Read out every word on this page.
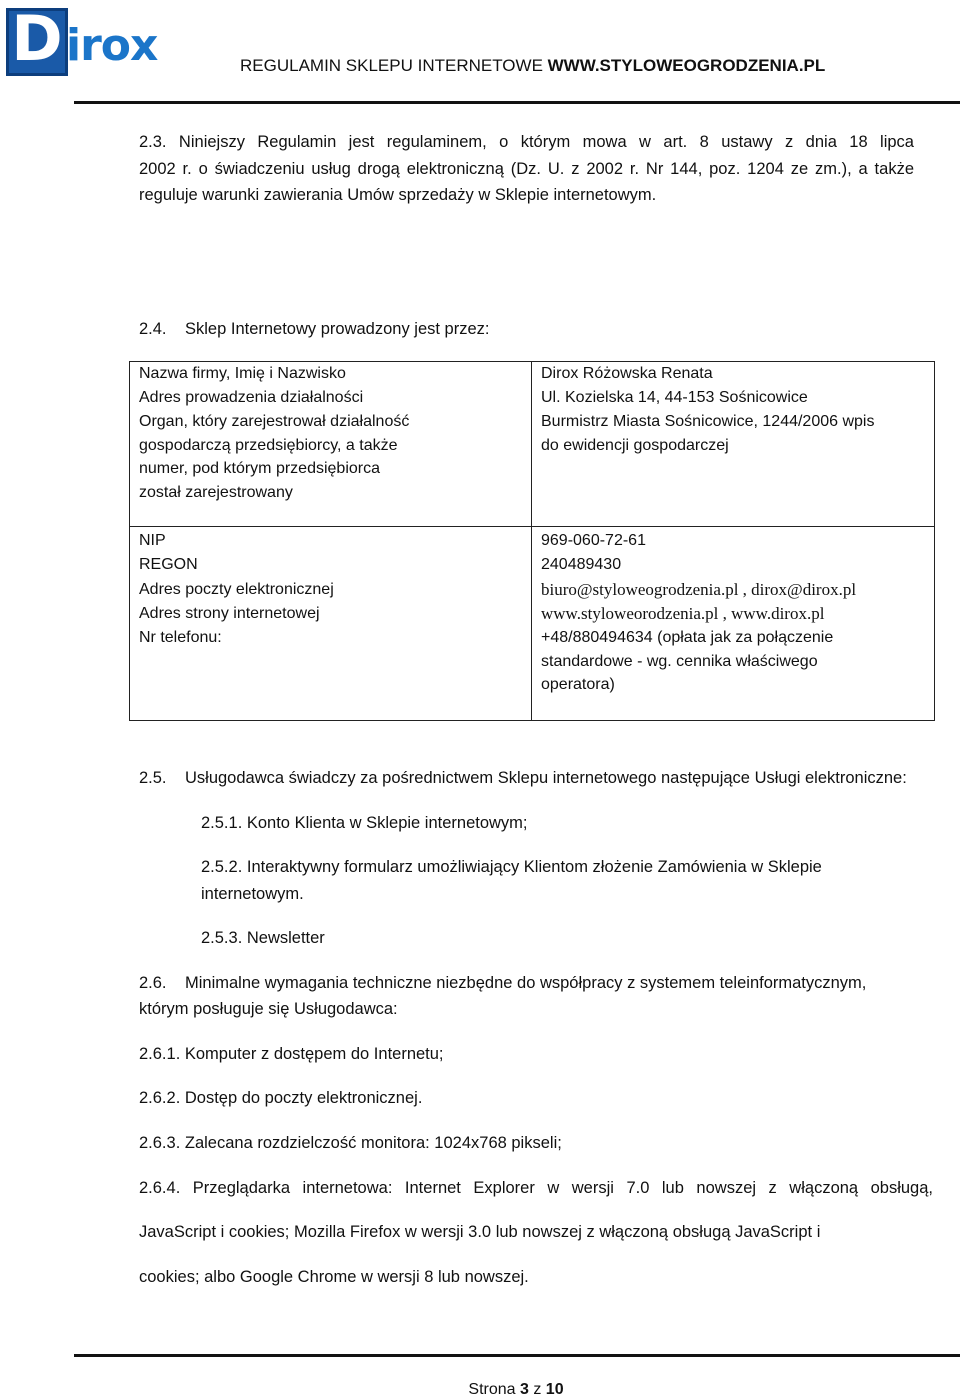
D irox	REGULAMIN SKLEPU INTERNETOWE WWW.STYLOWEOGRODZENIA.PL
2.3. Niniejszy Regulamin jest regulaminem, o którym mowa w art. 8 ustawy z dnia 18 lipca
2002 r. o świadczeniu usług drogą elektroniczną (Dz. U. z 2002 r. Nr 144, poz. 1204 ze zm.), a także
reguluje warunki zawierania Umów sprzedaży w Sklepie internetowym.
2.4. Sklep Internetowy prowadzony jest przez:
Nazwa firmy, Imię i Nazwisko
Adres prowadzenia działalności
Organ, który zarejestrował działalność
gospodarczą przedsiębiorcy, a także
numer, pod którym przedsiębiorca
został zarejestrowany
NIP
REGON
Adres poczty elektronicznej
Adres strony internetowej
Nr telefonu:
Dirox Różowska Renata
Ul. Kozielska 14, 44-153 Sośnicowice
Burmistrz Miasta Sośnicowice, 1244/2006 wpis
do ewidencji gospodarczej
969-060-72-61
240489430
biuro@styloweogrodzenia.pl , dirox@dirox.pl
www.styloweorodzenia.pl , www.dirox.pl
+48/880494634 (opłata jak za połączenie
standardowe - wg. cennika właściwego
operatora)
2.5. Usługodawca świadczy za pośrednictwem Sklepu internetowego następujące Usługi elektroniczne:
2.5.1. Konto Klienta w Sklepie internetowym;
2.5.2. Interaktywny formularz umożliwiający Klientom złożenie Zamówienia w Sklepie
internetowym.
2.5.3. Newsletter
2.6. Minimalne wymagania techniczne niezbędne do współpracy z systemem teleinformatycznym,
którym posługuje się Usługodawca:
2.6.1. Komputer z dostępem do Internetu;
2.6.2. Dostęp do poczty elektronicznej.
2.6.3. Zalecana rozdzielczość monitora: 1024x768 pikseli;
2.6.4. Przeglądarka internetowa: Internet Explorer w wersji 7.0 lub nowszej z włączoną obsługą,
JavaScript i cookies; Mozilla Firefox w wersji 3.0 lub nowszej z włączoną obsługą JavaScript i
cookies; albo Google Chrome w wersji 8 lub nowszej.
Strona 3 z 10
